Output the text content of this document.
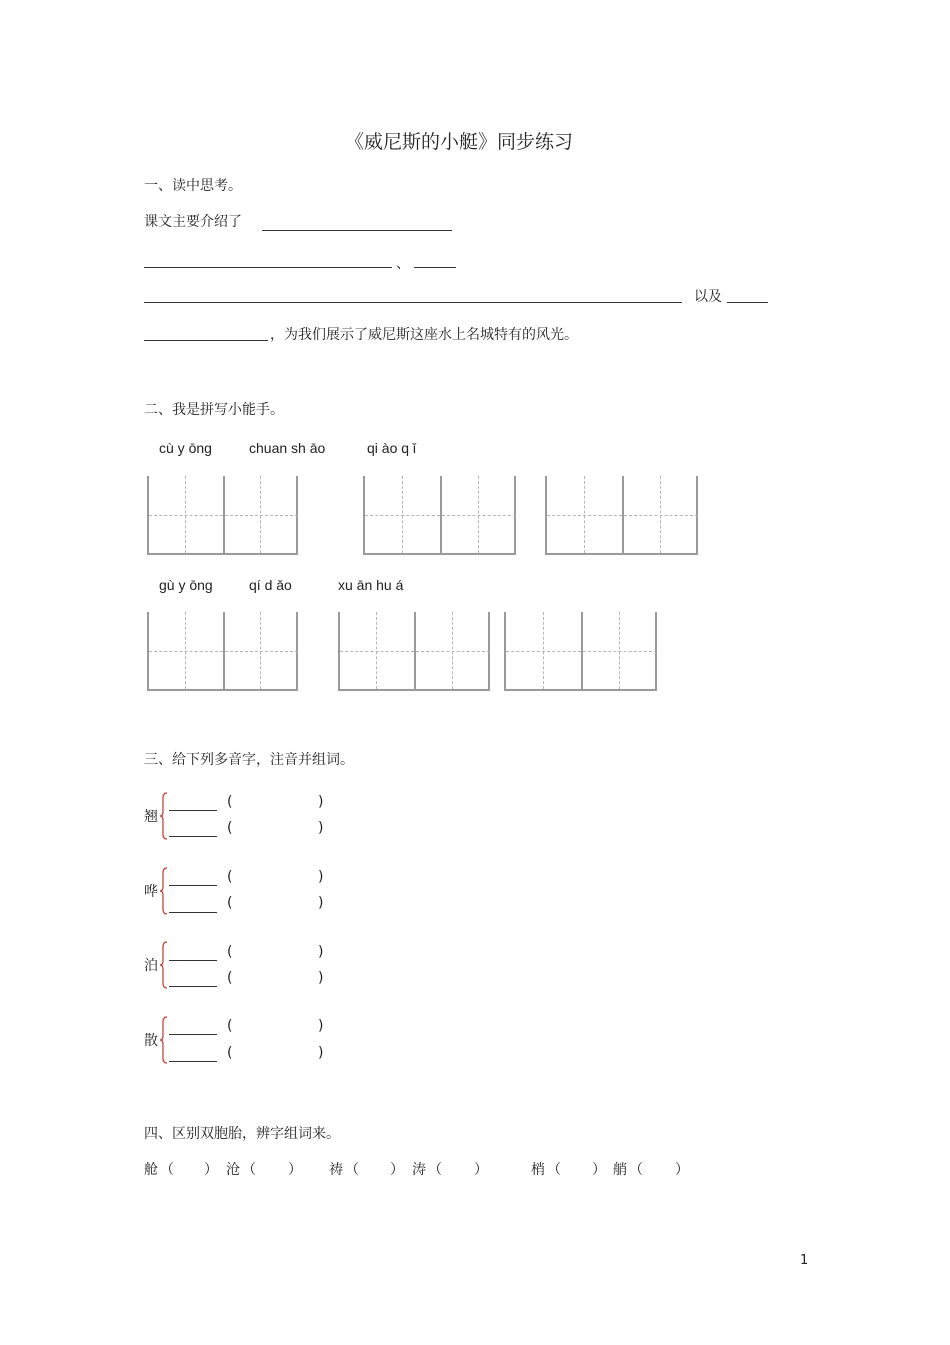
《威尼斯的小艇》同步练习
一、读中思考。
课文主要介绍了
、
以及
，为我们展示了威尼斯这座水上名城特有的风光。
二、我是拼写小能手。
cù y ōng	chuan sh āo	qi ào q ǐ
gù y ōng	qí d ǎo	xu ān hu á
三、给下列多音字，注音并组词。
翘
(	)
(	)
哗
(	)
(	)
泊
(	)
(	)
散
(	)
(	)
四、区别双胞胎，辨字组词来。
舱 （ ） 沧 （ ） 祷 （ ） 涛 （ ）	梢 （ ） 艄 （ ）
1
